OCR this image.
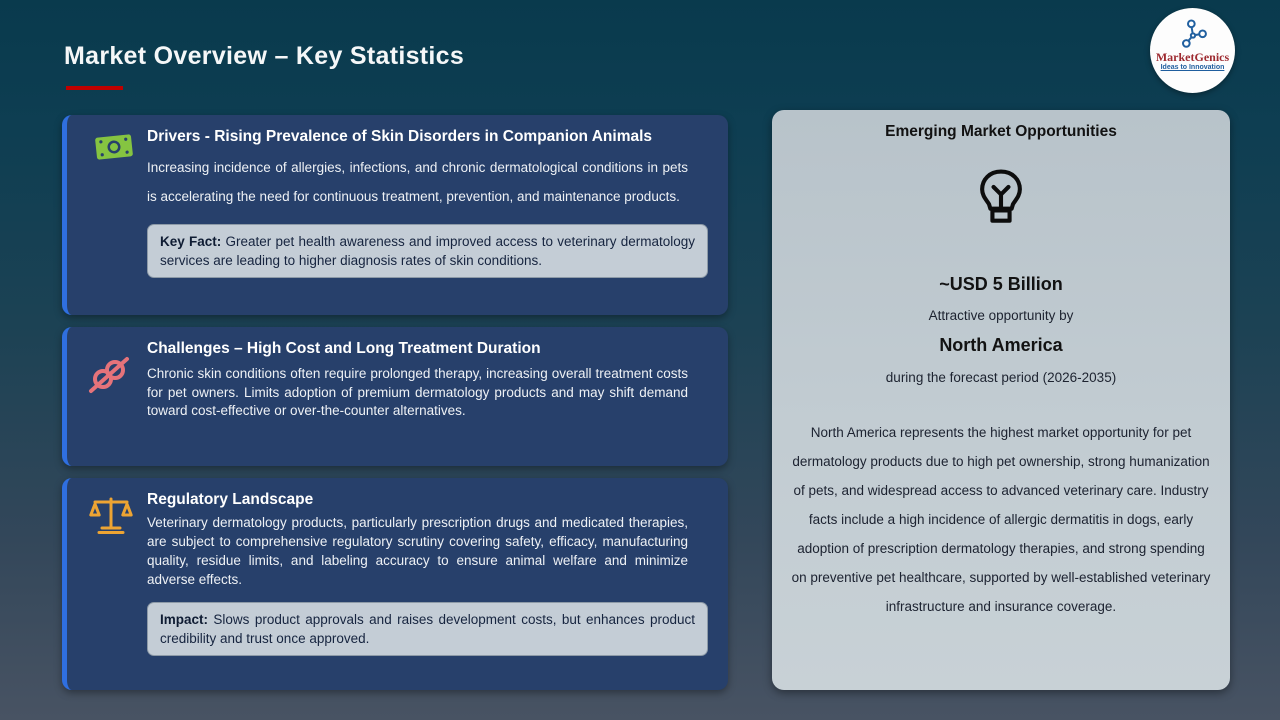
Market Overview – Key Statistics	MarketGenics
Ideas to Innovation
Drivers - Rising Prevalence of Skin Disorders in Companion Animals
Increasing incidence of allergies, infections, and chronic dermatological conditions in pets is accelerating the need for continuous treatment, prevention, and maintenance products.
Key Fact: Greater pet health awareness and improved access to veterinary dermatology services are leading to higher diagnosis rates of skin conditions.
Challenges – High Cost and Long Treatment Duration
Chronic skin conditions often require prolonged therapy, increasing overall treatment costs for pet owners. Limits adoption of premium dermatology products and may shift demand toward cost-effective or over-the-counter alternatives.
Regulatory Landscape
Veterinary dermatology products, particularly prescription drugs and medicated therapies, are subject to comprehensive regulatory scrutiny covering safety, efficacy, manufacturing quality, residue limits, and labeling accuracy to ensure animal welfare and minimize adverse effects.
Impact: Slows product approvals and raises development costs, but enhances product credibility and trust once approved.
Emerging Market Opportunities
~USD 5 Billion
Attractive opportunity by
North America
during the forecast period (2026-2035)
North America represents the highest market opportunity for pet dermatology products due to high pet ownership, strong humanization of pets, and widespread access to advanced veterinary care. Industry facts include a high incidence of allergic dermatitis in dogs, early adoption of prescription dermatology therapies, and strong spending on preventive pet healthcare, supported by well-established veterinary infrastructure and insurance coverage.
